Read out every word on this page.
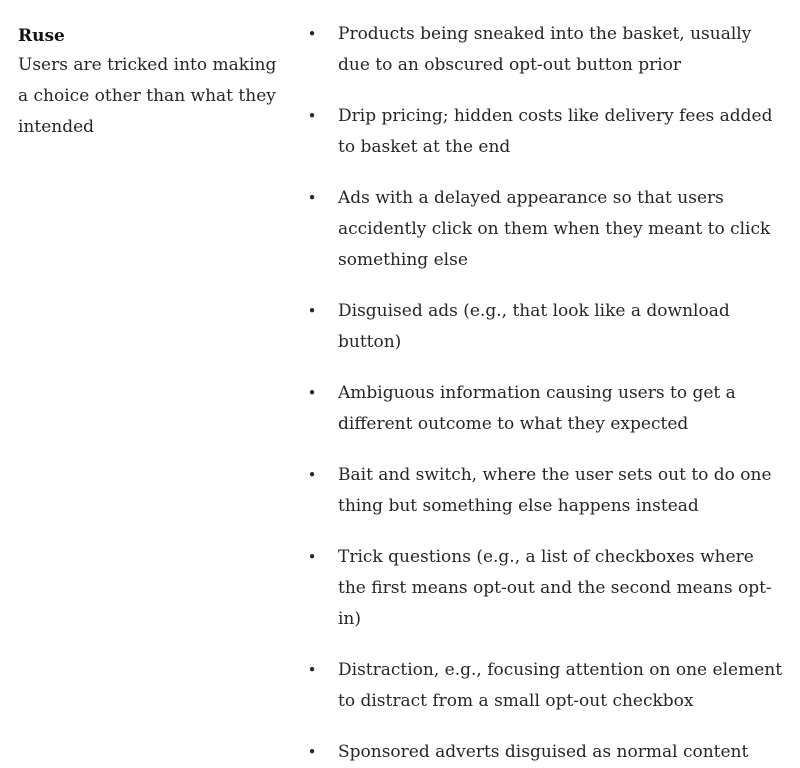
Ruse

Users are tricked into making a choice other than what they intended

• Products being sneaked into the basket, usually due to an obscured opt-out button prior
• Drip pricing; hidden costs like delivery fees added to basket at the end
• Ads with a delayed appearance so that users accidently click on them when they meant to click something else
• Disguised ads (e.g., that look like a download button)
• Ambiguous information causing users to get a different outcome to what they expected
• Bait and switch, where the user sets out to do one thing but something else happens instead
• Trick questions (e.g., a list of checkboxes where the first means opt-out and the second means opt-in)
• Distraction, e.g., focusing attention on one element to distract from a small opt-out checkbox
• Sponsored adverts disguised as normal content
